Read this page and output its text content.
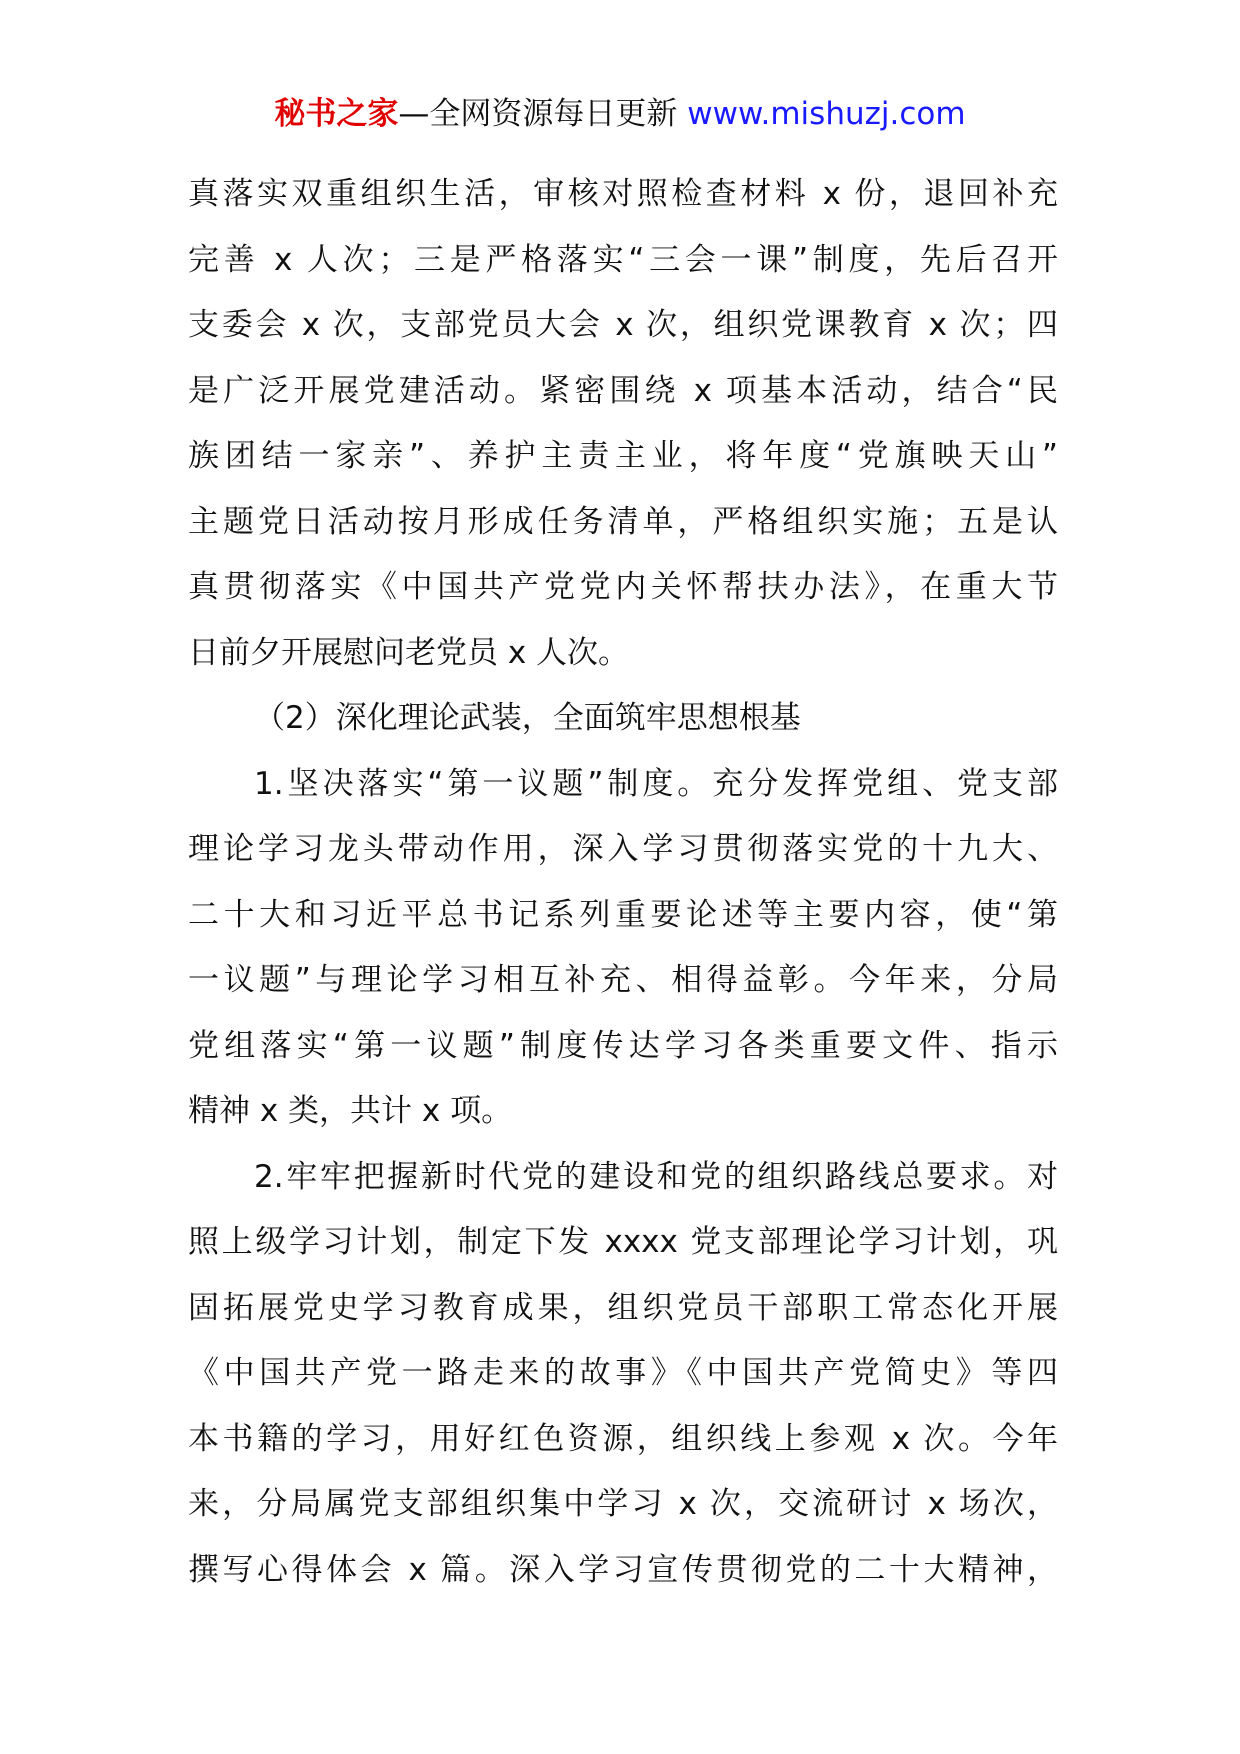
秘书之家—全网资源每日更新 www.mishuzj.com
真落实双重组织生活，审核对照检查材料 x 份，退回补充
完善 x 人次；三是严格落实“三会一课”制度，先后召开
支委会 x 次，支部党员大会 x 次，组织党课教育 x 次；四
是广泛开展党建活动。紧密围绕 x 项基本活动，结合“民
族团结一家亲”、养护主责主业，将年度“党旗映天山”
主题党日活动按月形成任务清单，严格组织实施；五是认
真贯彻落实《中国共产党党内关怀帮扶办法》，在重大节
日前夕开展慰问老党员 x 人次。
（2）深化理论武装，全面筑牢思想根基
1.坚决落实“第一议题”制度。充分发挥党组、党支部
理论学习龙头带动作用，深入学习贯彻落实党的十九大、
二十大和习近平总书记系列重要论述等主要内容，使“第
一议题”与理论学习相互补充、相得益彰。今年来，分局
党组落实“第一议题”制度传达学习各类重要文件、指示
精神 x 类，共计 x 项。
2.牢牢把握新时代党的建设和党的组织路线总要求。对
照上级学习计划，制定下发 xxxx 党支部理论学习计划，巩
固拓展党史学习教育成果，组织党员干部职工常态化开展
《中国共产党一路走来的故事》《中国共产党简史》等四
本书籍的学习，用好红色资源，组织线上参观 x 次。今年
来，分局属党支部组织集中学习 x 次，交流研讨 x 场次，
撰写心得体会 x 篇。深入学习宣传贯彻党的二十大精神，
